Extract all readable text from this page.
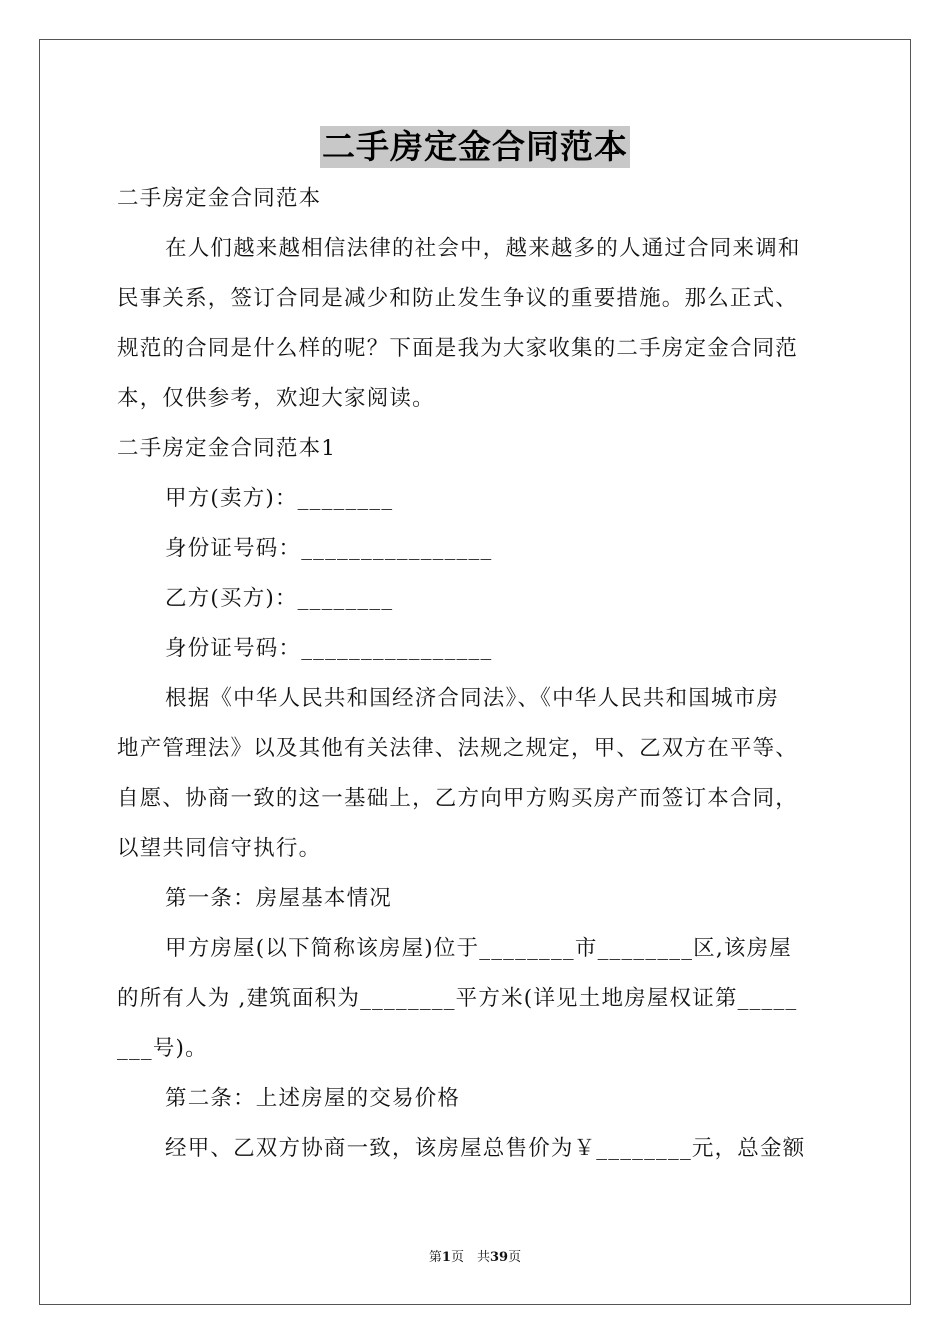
二手房定金合同范本
二手房定金合同范本
在人们越来越相信法律的社会中，越来越多的人通过合同来调和
民事关系，签订合同是减少和防止发生争议的重要措施。那么正式、
规范的合同是什么样的呢？下面是我为大家收集的二手房定金合同范
本，仅供参考，欢迎大家阅读。
二手房定金合同范本1
甲方(卖方)：________
身份证号码：________________
乙方(买方)：________
身份证号码：________________
根据《中华人民共和国经济合同法》、《中华人民共和国城市房
地产管理法》以及其他有关法律、法规之规定，甲、乙双方在平等、
自愿、协商一致的这一基础上，乙方向甲方购买房产而签订本合同，
以望共同信守执行。
第一条：房屋基本情况
甲方房屋(以下简称该房屋)位于________市________区,该房屋
的所有人为 ,建筑面积为________平方米(详见土地房屋权证第_____
___号)。
第二条：上述房屋的交易价格
经甲、乙双方协商一致，该房屋总售价为￥________元，总金额
第1页　共39页
